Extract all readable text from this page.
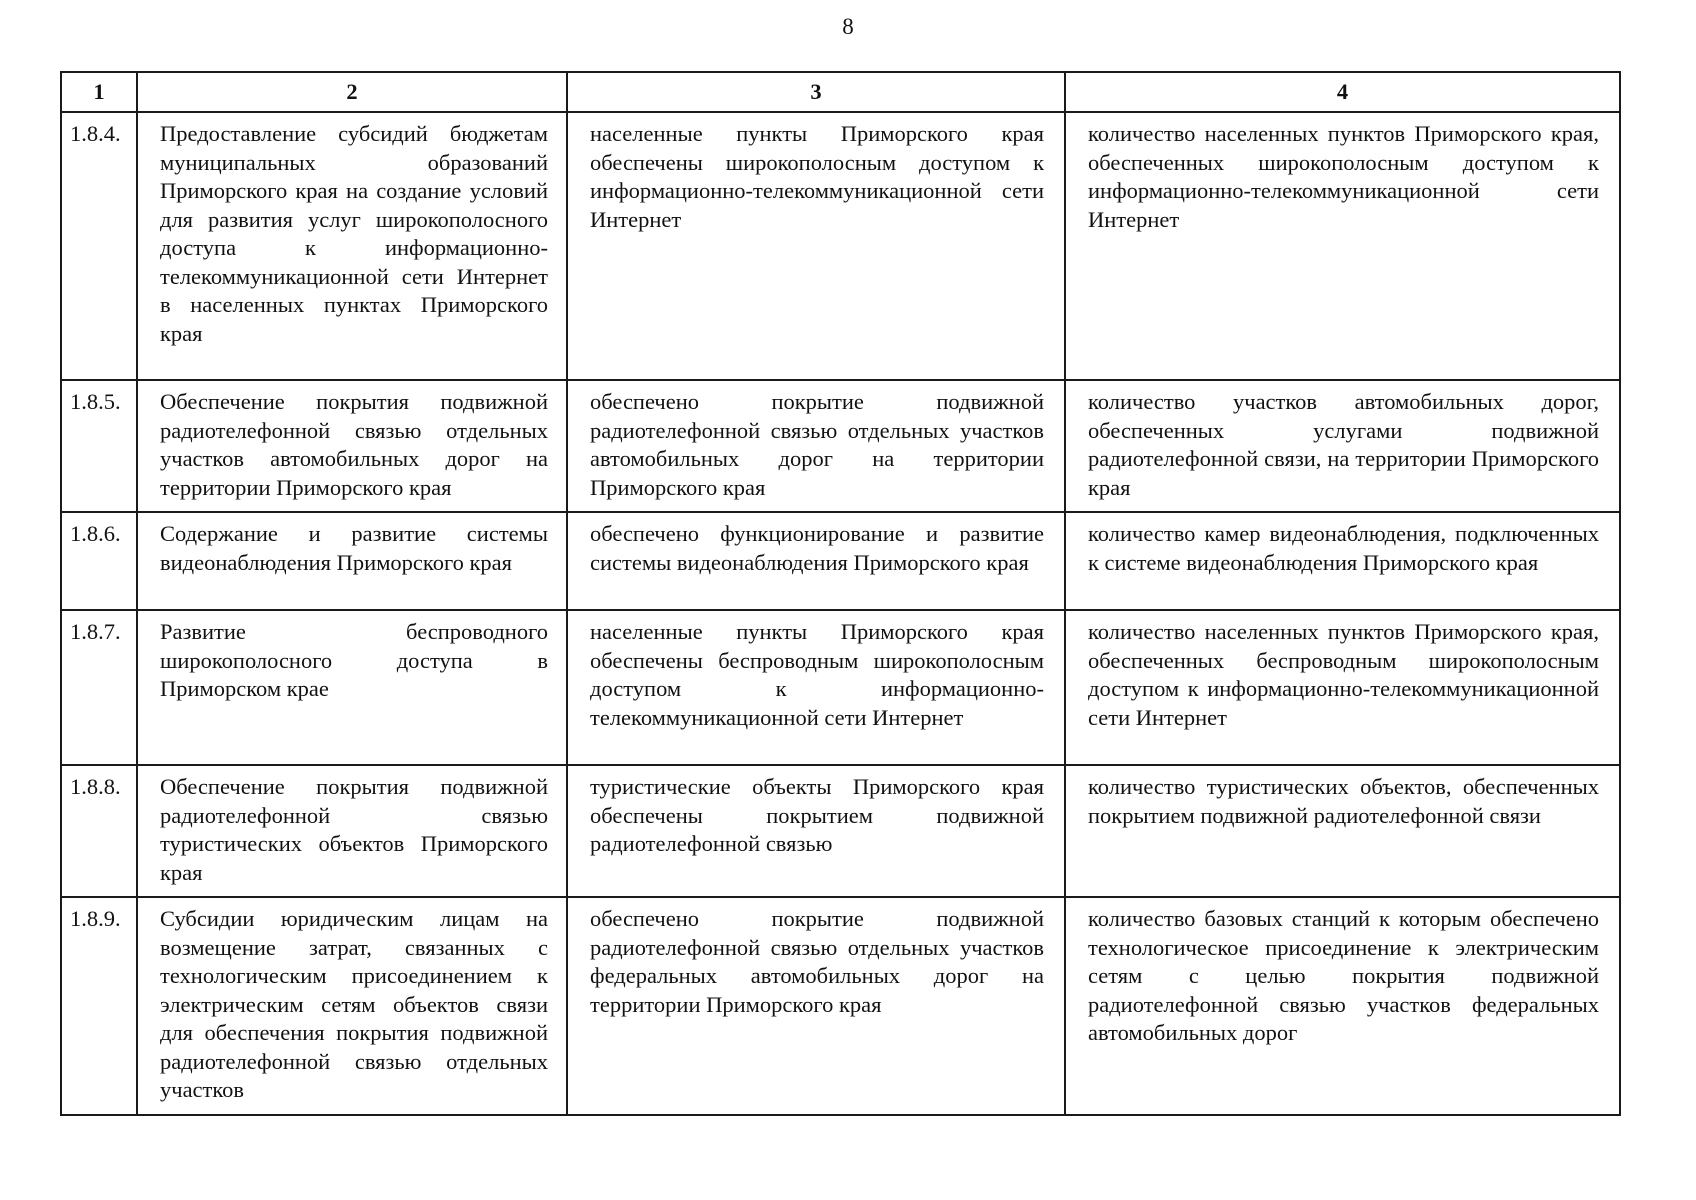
8
1	2	3	4
1.8.4.	Предоставление субсидий бюджетам муниципальных образований Приморского края на создание условий для развития услуг широкополосного доступа к информационно-телекоммуникационной сети Интернет в населенных пунктах Приморского края	населенные пункты Приморского края обеспечены широкополосным доступом к информационно-телекоммуникационной сети Интернет	количество населенных пунктов Приморского края, обеспеченных широкополосным доступом к информационно-телекоммуникационной сети Интернет
1.8.5.	Обеспечение покрытия подвижной радиотелефонной связью отдельных участков автомобильных дорог на территории Приморского края	обеспечено покрытие подвижной радиотелефонной связью отдельных участков автомобильных дорог на территории Приморского края	количество участков автомобильных дорог, обеспеченных услугами подвижной радиотелефонной связи, на территории Приморского края
1.8.6.	Содержание и развитие системы видеонаблюдения Приморского края	обеспечено функционирование и развитие системы видеонаблюдения Приморского края	количество камер видеонаблюдения, подключенных к системе видеонаблюдения Приморского края
1.8.7.	Развитие беспроводного широкополосного доступа в Приморском крае	населенные пункты Приморского края обеспечены беспроводным широкополосным доступом к информационно-телекоммуникационной сети Интернет	количество населенных пунктов Приморского края, обеспеченных беспроводным широкополосным доступом к информационно-телекоммуникационной сети Интернет
1.8.8.	Обеспечение покрытия подвижной радиотелефонной связью туристических объектов Приморского края	туристические объекты Приморского края обеспечены покрытием подвижной радиотелефонной связью	количество туристических объектов, обеспеченных покрытием подвижной радиотелефонной связи
1.8.9.	Субсидии юридическим лицам на возмещение затрат, связанных с технологическим присоединением к электрическим сетям объектов связи для обеспечения покрытия подвижной радиотелефонной связью отдельных участков	обеспечено покрытие подвижной радиотелефонной связью отдельных участков федеральных автомобильных дорог на территории Приморского края	количество базовых станций к которым обеспечено технологическое присоединение к электрическим сетям с целью покрытия подвижной радиотелефонной связью участков федеральных автомобильных дорог
